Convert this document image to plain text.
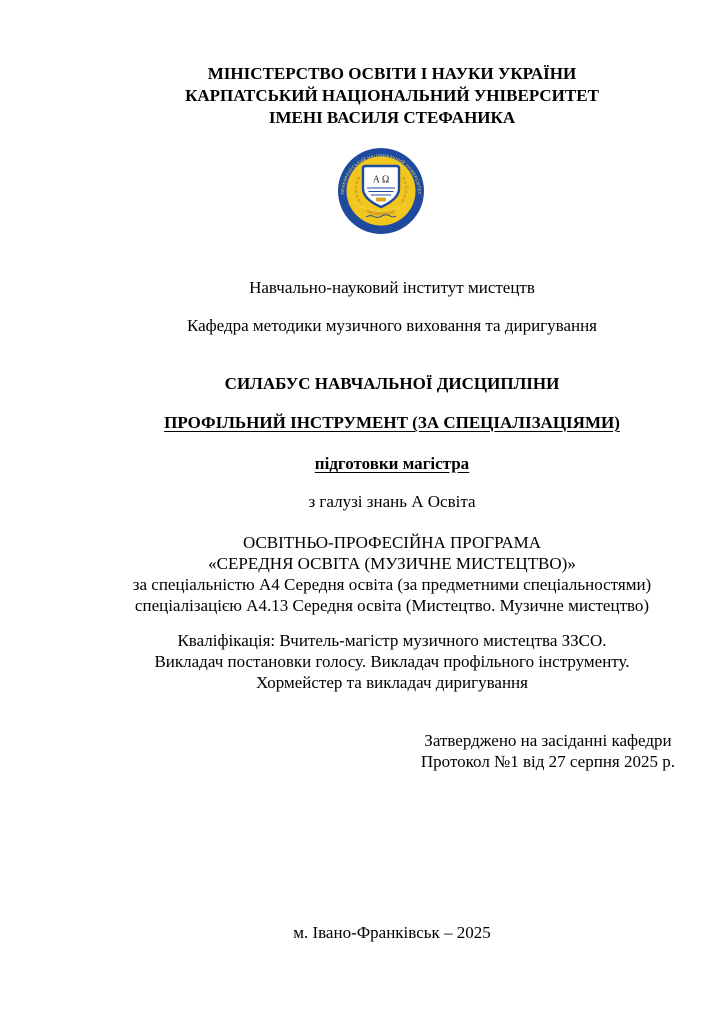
МІНІСТЕРСТВО ОСВІТИ І НАУКИ УКРАЇНИ
КАРПАТСЬКИЙ НАЦІОНАЛЬНИЙ УНІВЕРСИТЕТ
ІМЕНІ ВАСИЛЯ СТЕФАНИКА
Навчально-науковий інститут мистецтв
Кафедра методики музичного виховання та диригування
СИЛАБУС НАВЧАЛЬНОЇ ДИСЦИПЛІНИ
ПРОФІЛЬНИЙ ІНСТРУМЕНТ (ЗА СПЕЦІАЛІЗАЦІЯМИ)
підготовки магістра
з галузі знань А Освіта
ОСВІТНЬО-ПРОФЕСІЙНА ПРОГРАМА
«СЕРЕДНЯ ОСВІТА (МУЗИЧНЕ МИСТЕЦТВО)»
за спеціальністю А4 Середня освіта (за предметними спеціальностями)
спеціалізацією А4.13 Середня освіта (Мистецтво. Музичне мистецтво)
Кваліфікація: Вчитель-магістр музичного мистецтва ЗЗСО.
Викладач постановки голосу. Викладач профільного інструменту.
Хормейстер та викладач диригування
Затверджено на засіданні кафедри
Протокол №1 від 27 серпня 2025 р.
м. Івано-Франківськ – 2025
ПРИКАРПАТСЬКИЙ НАЦІОНАЛЬНИЙ УНІВЕРСИТЕТ
імені Василя Стефаника
Α Ω
